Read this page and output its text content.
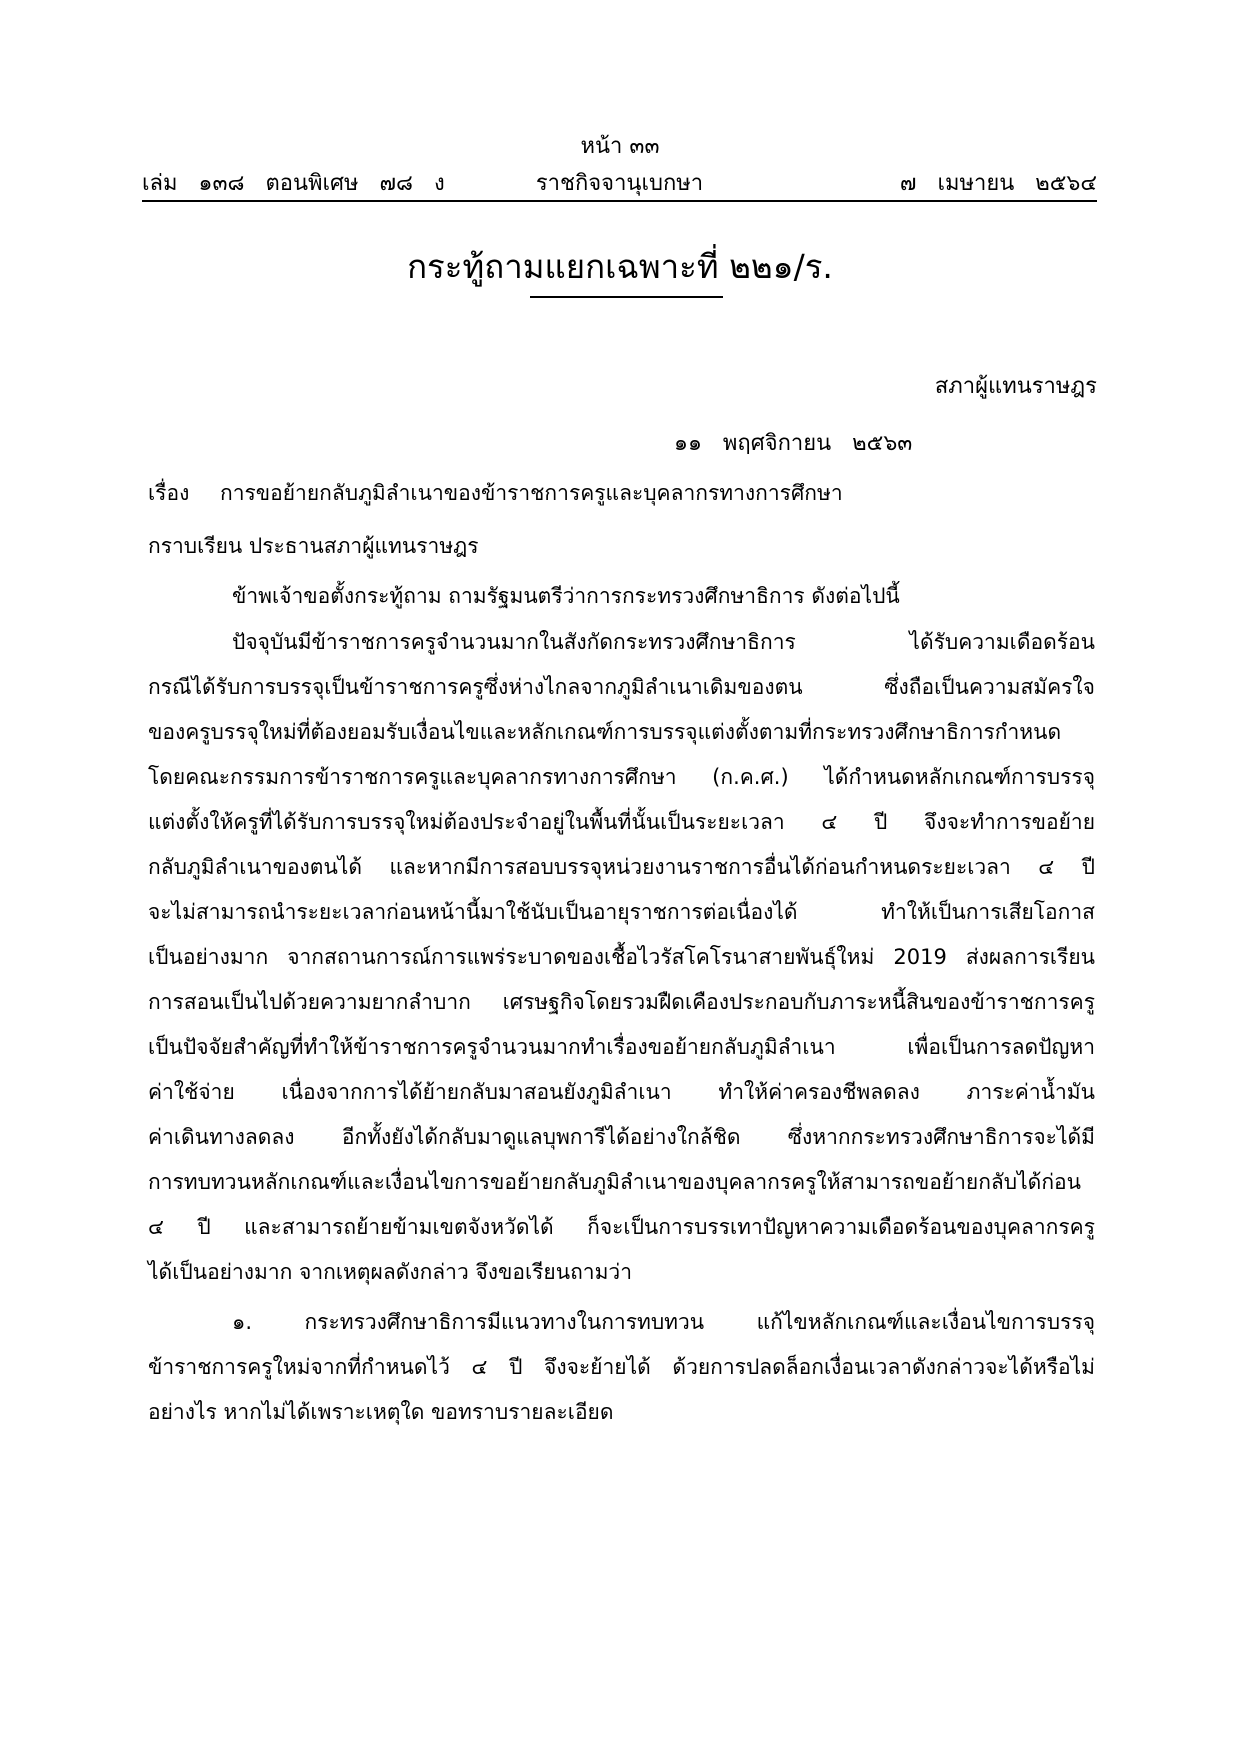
หน้า ๓๓
เล่ม   ๑๓๘   ตอนพิเศษ   ๗๘   ง	ราชกิจจานุเบกษา	๗   เมษายน   ๒๕๖๔
กระทู้ถามแยกเฉพาะที่ ๒๒๑/ร.
สภาผู้แทนราษฎร
๑๑   พฤศจิกายน   ๒๕๖๓
เรื่อง การขอย้ายกลับภูมิลำเนาของข้าราชการครูและบุคลากรทางการศึกษา
กราบเรียน ประธานสภาผู้แทนราษฎร
ข้าพเจ้าขอตั้งกระทู้ถาม ถามรัฐมนตรีว่าการกระทรวงศึกษาธิการ ดังต่อไปนี้
ปัจจุบันมีข้าราชการครูจำนวนมากในสังกัดกระทรวงศึกษาธิการ ได้รับความเดือดร้อน
กรณีได้รับการบรรจุเป็นข้าราชการครูซึ่งห่างไกลจากภูมิลำเนาเดิมของตน ซึ่งถือเป็นความสมัครใจ
ของครูบรรจุใหม่ที่ต้องยอมรับเงื่อนไขและหลักเกณฑ์การบรรจุแต่งตั้งตามที่กระทรวงศึกษาธิการกำหนด
โดยคณะกรรมการข้าราชการครูและบุคลากรทางการศึกษา (ก.ค.ศ.) ได้กำหนดหลักเกณฑ์การบรรจุ
แต่งตั้งให้ครูที่ได้รับการบรรจุใหม่ต้องประจำอยู่ในพื้นที่นั้นเป็นระยะเวลา ๔ ปี จึงจะทำการขอย้าย
กลับภูมิลำเนาของตนได้ และหากมีการสอบบรรจุหน่วยงานราชการอื่นได้ก่อนกำหนดระยะเวลา ๔ ปี
จะไม่สามารถนำระยะเวลาก่อนหน้านี้มาใช้นับเป็นอายุราชการต่อเนื่องได้ ทำให้เป็นการเสียโอกาส
เป็นอย่างมาก จากสถานการณ์การแพร่ระบาดของเชื้อไวรัสโคโรนาสายพันธุ์ใหม่ 2019 ส่งผลการเรียน
การสอนเป็นไปด้วยความยากลำบาก เศรษฐกิจโดยรวมฝืดเคืองประกอบกับภาระหนี้สินของข้าราชการครู
เป็นปัจจัยสำคัญที่ทำให้ข้าราชการครูจำนวนมากทำเรื่องขอย้ายกลับภูมิลำเนา เพื่อเป็นการลดปัญหา
ค่าใช้จ่าย เนื่องจากการได้ย้ายกลับมาสอนยังภูมิลำเนา ทำให้ค่าครองชีพลดลง ภาระค่าน้ำมัน
ค่าเดินทางลดลง อีกทั้งยังได้กลับมาดูแลบุพการีได้อย่างใกล้ชิด ซึ่งหากกระทรวงศึกษาธิการจะได้มี
การทบทวนหลักเกณฑ์และเงื่อนไขการขอย้ายกลับภูมิลำเนาของบุคลากรครูให้สามารถขอย้ายกลับได้ก่อน
๔ ปี และสามารถย้ายข้ามเขตจังหวัดได้ ก็จะเป็นการบรรเทาปัญหาความเดือดร้อนของบุคลากรครู
ได้เป็นอย่างมาก จากเหตุผลดังกล่าว จึงขอเรียนถามว่า
๑. กระทรวงศึกษาธิการมีแนวทางในการทบทวน แก้ไขหลักเกณฑ์และเงื่อนไขการบรรจุ
ข้าราชการครูใหม่จากที่กำหนดไว้ ๔ ปี จึงจะย้ายได้ ด้วยการปลดล็อกเงื่อนเวลาดังกล่าวจะได้หรือไม่
อย่างไร หากไม่ได้เพราะเหตุใด ขอทราบรายละเอียด
